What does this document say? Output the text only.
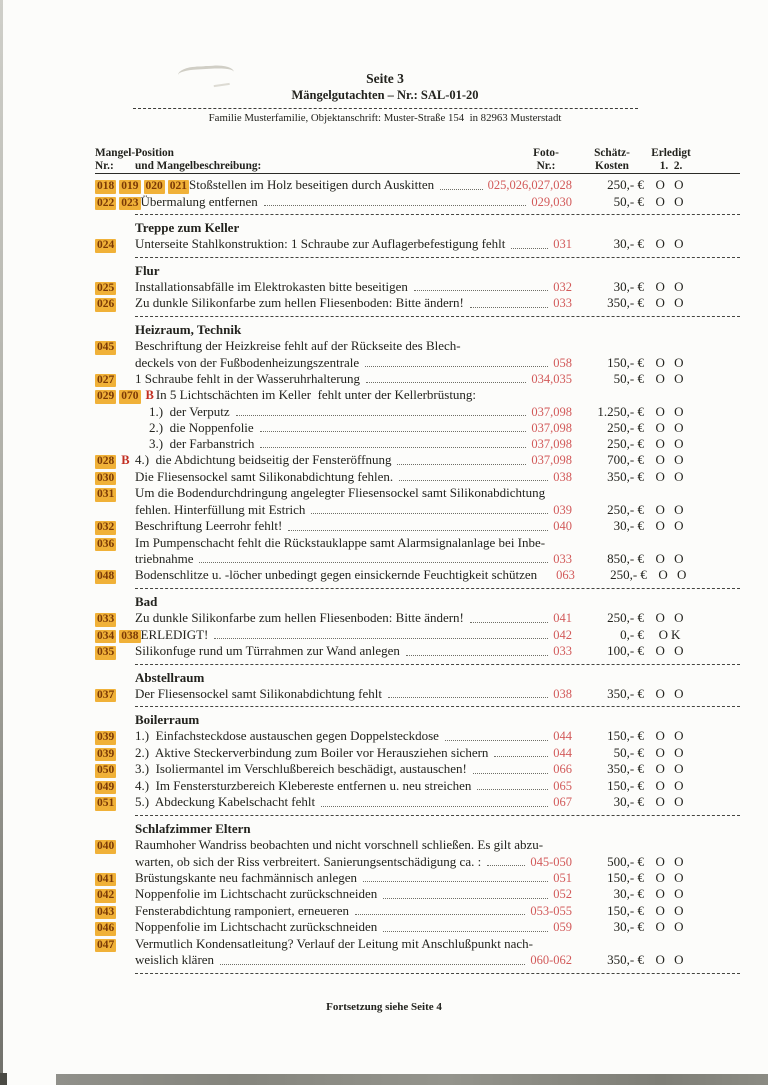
Seite 3
Mängelgutachten – Nr.: SAL-01-20
Familie Musterfamilie, Objektanschrift: Muster-Straße 154  in 82963 Musterstadt
Mangel- Position	Foto-	Schätz-	Erledigt
Nr.:	und Mangelbeschreibung:	Nr.:	Kosten	1.  2.
018 019 020 021 Stoßstellen im Holz beseitigen durch Auskitten	025,026,027,028	250,- € O O
022 023 Übermalung entfernen	029,030	50,- € O O
Treppe zum Keller
024 Unterseite Stahlkonstruktion: 1 Schraube zur Auflagerbefestigung fehlt	031	30,- € O O
Flur
025 Installationsabfälle im Elektrokasten bitte beseitigen	032	30,- € O O
026 Zu dunkle Silikonfarbe zum hellen Fliesenboden: Bitte ändern!	033	350,- € O O
Heizraum, Technik
045 Beschriftung der Heizkreise fehlt auf der Rückseite des Blech-
deckels von der Fußbodenheizungszentrale	058	150,- € O O
027 1 Schraube fehlt in der Wasseruhrhalterung	034,035	50,- € O O
029 070 B In 5 Lichtschächten im Keller  fehlt unter der Kellerbrüstung:
1.)  der Verputz	037,098	1.250,- € O O
2.)  die Noppenfolie	037,098	250,- € O O
3.)  der Farbanstrich	037,098	250,- € O O
028 B 4.)  die Abdichtung beidseitig der Fensteröffnung	037,098	700,- € O O
030 Die Fliesensockel samt Silikonabdichtung fehlen.	038	350,- € O O
031 Um die Bodendurchdringung angelegter Fliesensockel samt Silikonabdichtung
fehlen. Hinterfüllung mit Estrich	039	250,- € O O
032 Beschriftung Leerrohr fehlt!	040	30,- € O O
036 Im Pumpenschacht fehlt die Rückstauklappe samt Alarmsignalanlage bei Inbe-
triebnahme	033	850,- € O O
048 Bodenschlitze u. -löcher unbedingt gegen einsickernde Feuchtigkeit schützen 063	250,- € O O
Bad
033 Zu dunkle Silikonfarbe zum hellen Fliesenboden: Bitte ändern!	041	250,- € O O
034 038 ERLEDIGT!	042	0,- €	OK
035 Silikonfuge rund um Türrahmen zur Wand anlegen	033	100,- € O O
Abstellraum
037 Der Fliesensockel samt Silikonabdichtung fehlt	038	350,- € O O
Boilerraum
039 1.)  Einfachsteckdose austauschen gegen Doppelsteckdose	044	150,- € O O
039 2.)  Aktive Steckerverbindung zum Boiler vor Herausziehen sichern	044	50,- € O O
050 3.)  Isoliermantel im Verschlußbereich beschädigt, austauschen!	066	350,- € O O
049 4.)  Im Fenstersturzbereich Klebereste entfernen u. neu streichen	065	150,- € O O
051 5.)  Abdeckung Kabelschacht fehlt	067	30,- € O O
Schlafzimmer Eltern
040 Raumhoher Wandriss beobachten und nicht vorschnell schließen. Es gilt abzu-
warten, ob sich der Riss verbreitert. Sanierungsentschädigung ca. :	045-050	500,- € O O
041 Brüstungskante neu fachmännisch anlegen	051	150,- € O O
042 Noppenfolie im Lichtschacht zurückschneiden	052	30,- € O O
043 Fensterabdichtung ramponiert, erneueren	053-055	150,- € O O
046 Noppenfolie im Lichtschacht zurückschneiden	059	30,- € O O
047 Vermutlich Kondensatleitung? Verlauf der Leitung mit Anschlußpunkt nach-
weislich klären	060-062	350,- € O O
Fortsetzung siehe Seite 4
